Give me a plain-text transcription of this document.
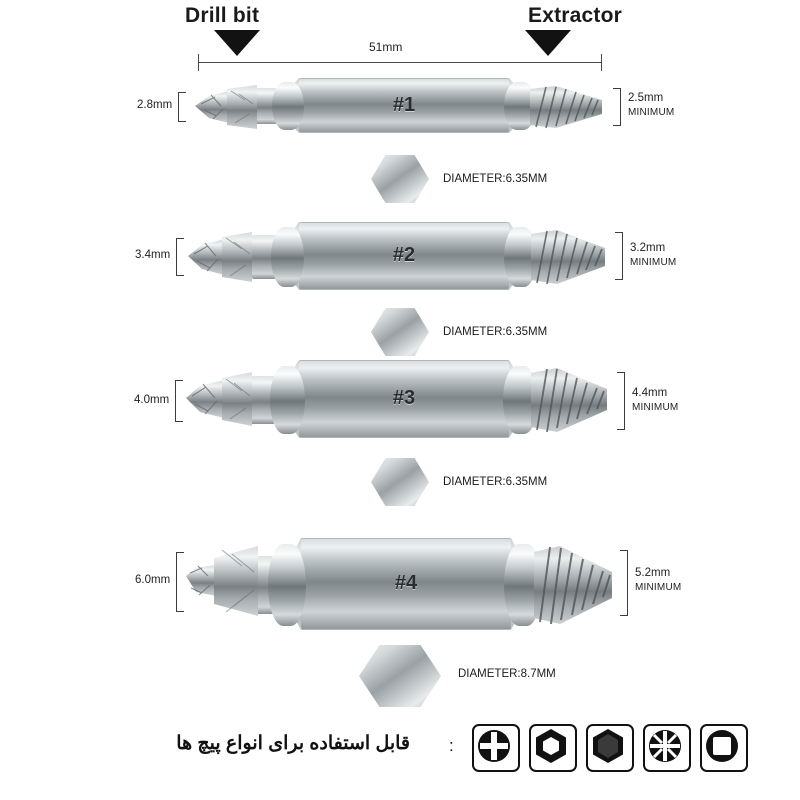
Drill bit	Extractor
51mm
#1
2.8mm
2.5mm
MINIMUM
DIAMETER:6.35MM
#2
3.4mm
3.2mm
MINIMUM
DIAMETER:6.35MM
#3
4.0mm
4.4mm
MINIMUM
DIAMETER:6.35MM
#4
6.0mm
5.2mm
MINIMUM
DIAMETER:8.7MM
قابل استفاده برای انواع پیچ ها :
